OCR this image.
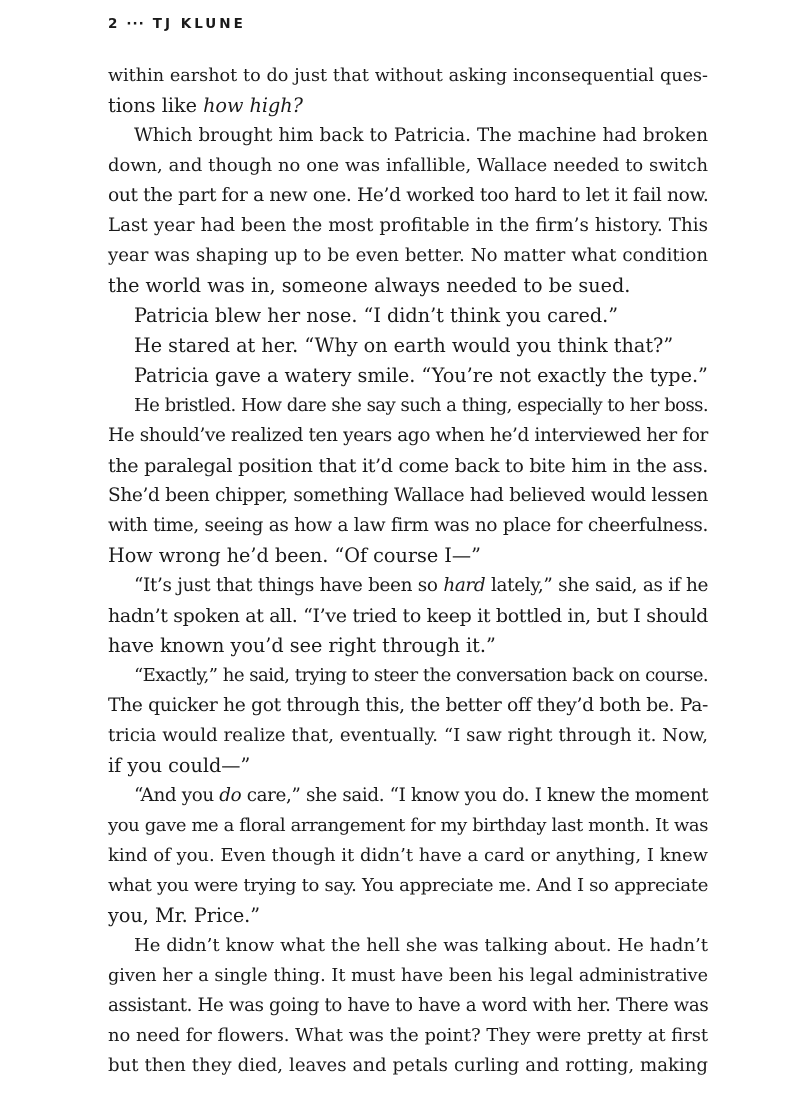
2 ··· TJ KLUNE
within earshot to do just that without asking inconsequential ques-
tions like how high?
Which brought him back to Patricia. The machine had broken
down, and though no one was infallible, Wallace needed to switch
out the part for a new one. He’d worked too hard to let it fail now.
Last year had been the most profitable in the firm’s history. This
year was shaping up to be even better. No matter what condition
the world was in, someone always needed to be sued.
Patricia blew her nose. “I didn’t think you cared.”
He stared at her. “Why on earth would you think that?”
Patricia gave a watery smile. “You’re not exactly the type.”
He bristled. How dare she say such a thing, especially to her boss.
He should’ve realized ten years ago when he’d interviewed her for
the paralegal position that it’d come back to bite him in the ass.
She’d been chipper, something Wallace had believed would lessen
with time, seeing as how a law firm was no place for cheerfulness.
How wrong he’d been. “Of course I—”
“It’s just that things have been so hard lately,” she said, as if he
hadn’t spoken at all. “I’ve tried to keep it bottled in, but I should
have known you’d see right through it.”
“Exactly,” he said, trying to steer the conversation back on course.
The quicker he got through this, the better off they’d both be. Pa-
tricia would realize that, eventually. “I saw right through it. Now,
if you could—”
“And you do care,” she said. “I know you do. I knew the moment
you gave me a floral arrangement for my birthday last month. It was
kind of you. Even though it didn’t have a card or anything, I knew
what you were trying to say. You appreciate me. And I so appreciate
you, Mr. Price.”
He didn’t know what the hell she was talking about. He hadn’t
given her a single thing. It must have been his legal administrative
assistant. He was going to have to have a word with her. There was
no need for flowers. What was the point? They were pretty at first
but then they died, leaves and petals curling and rotting, making
